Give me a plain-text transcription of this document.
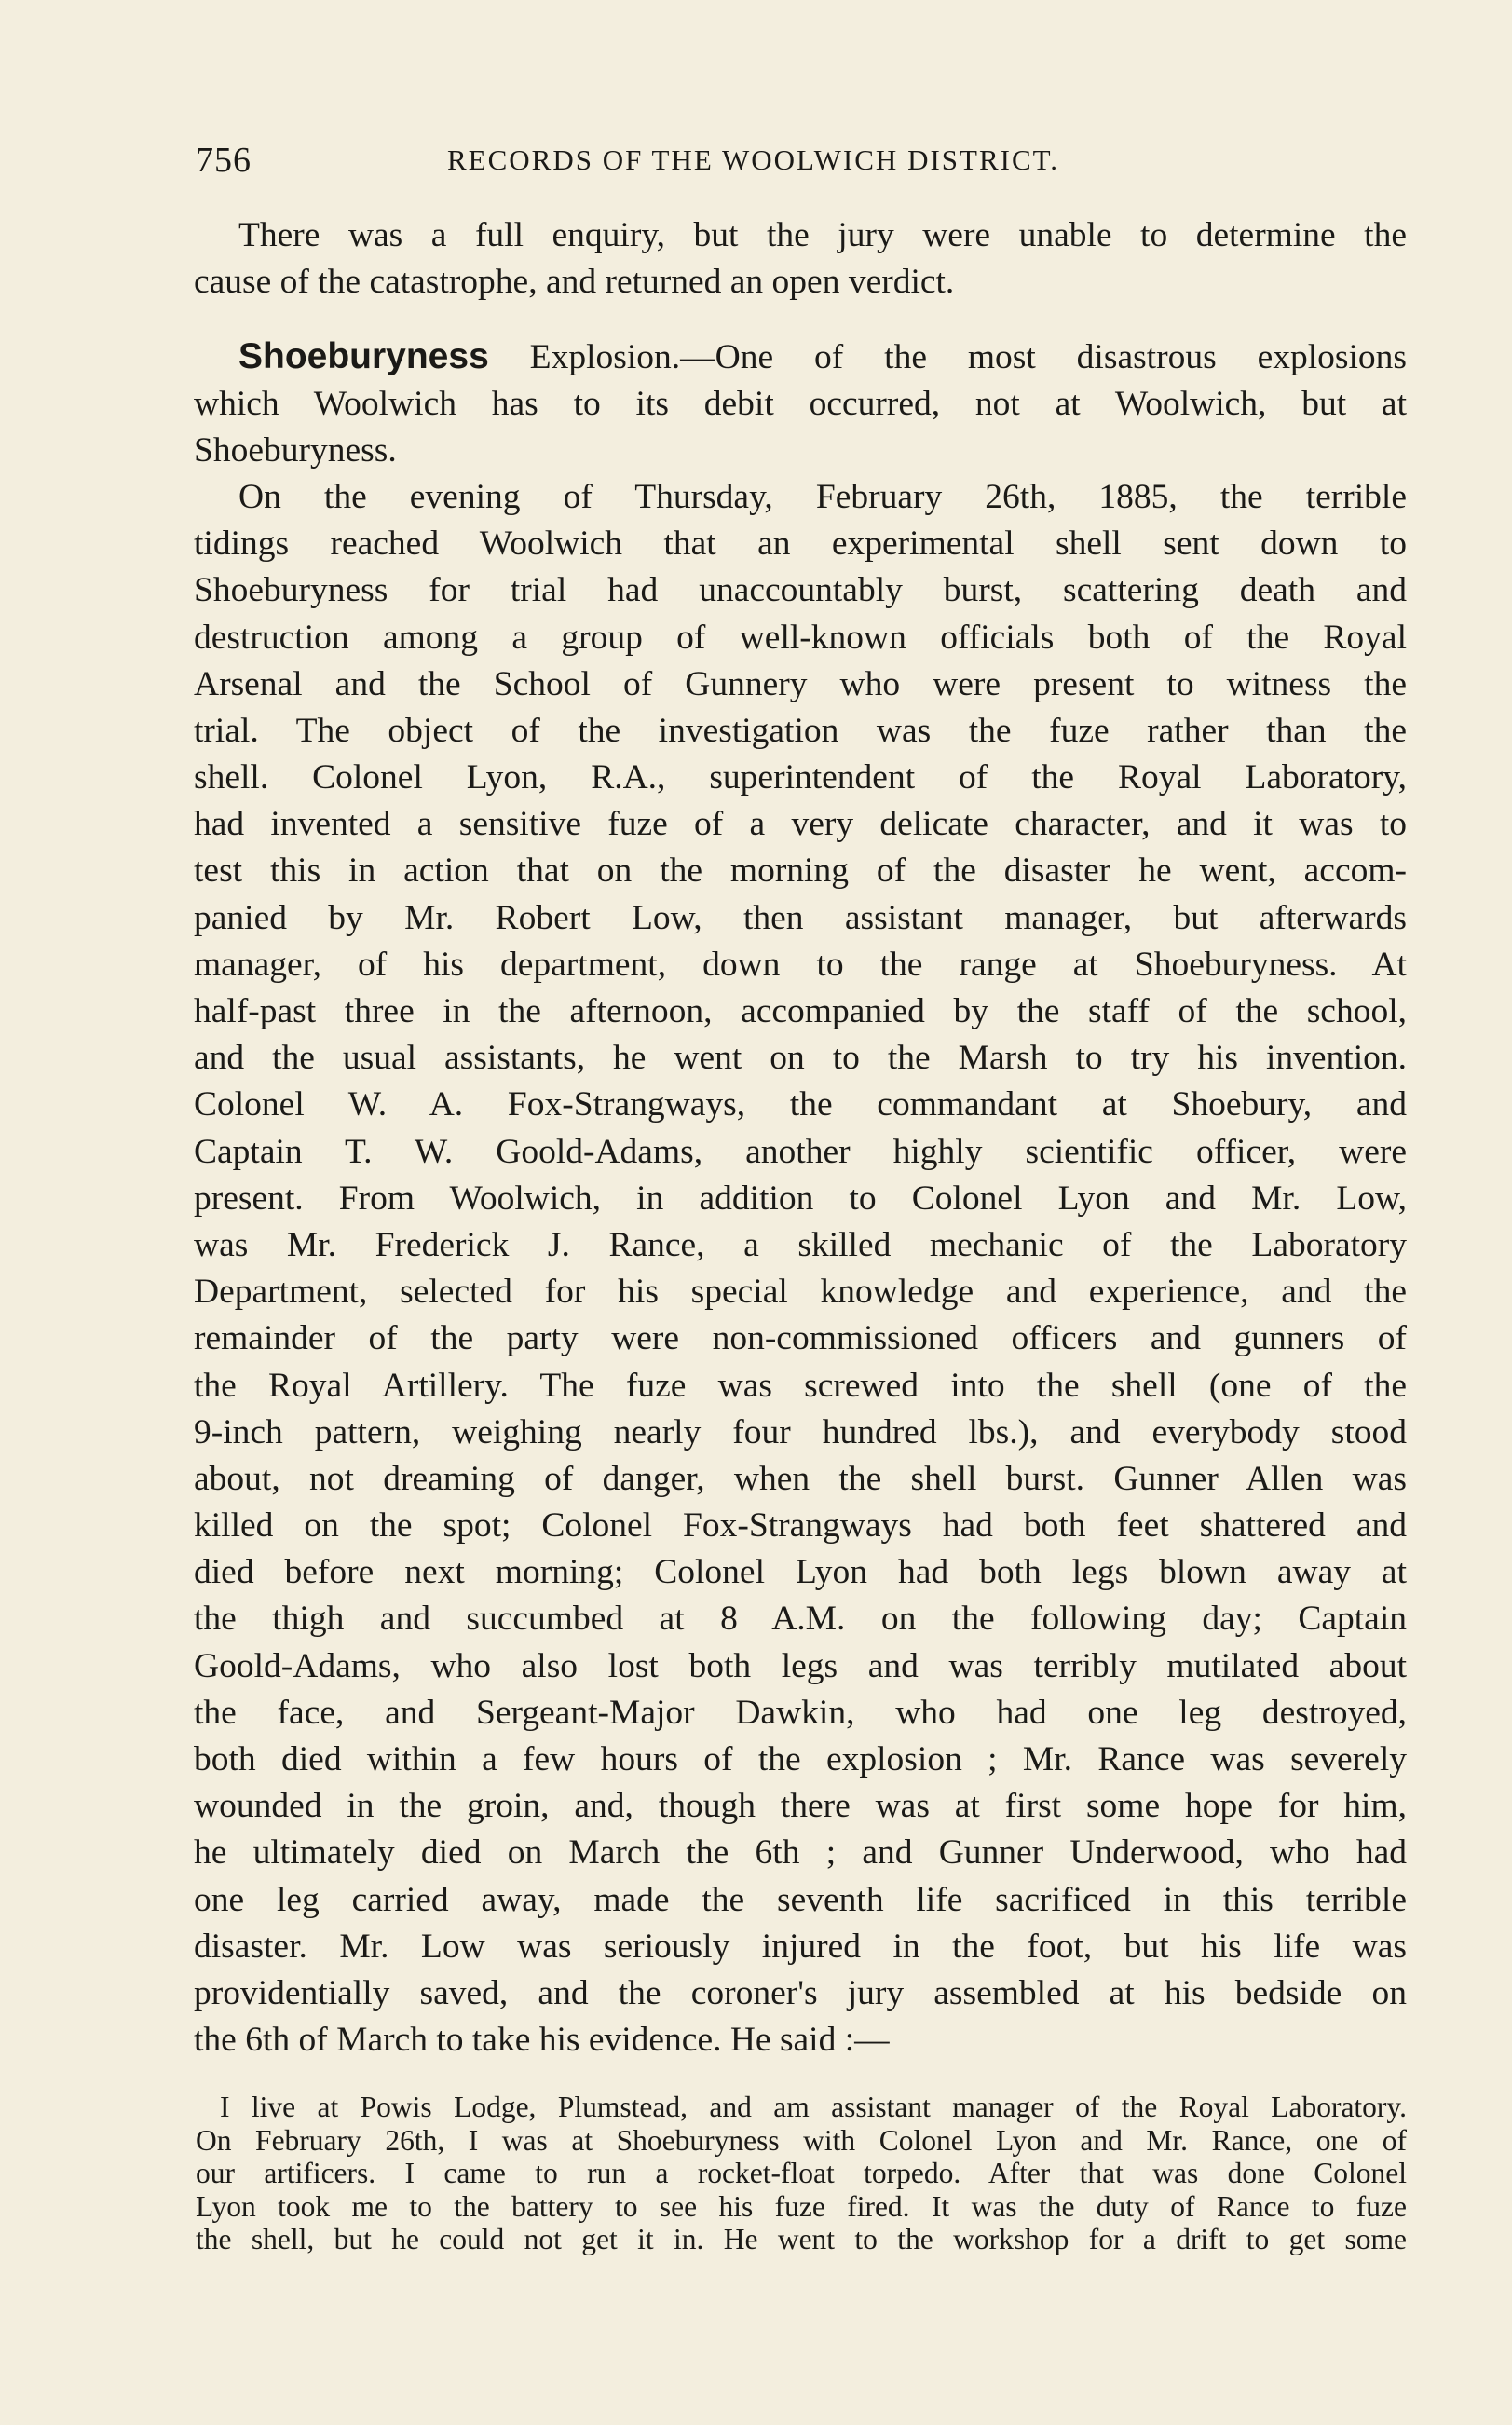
756	RECORDS OF THE WOOLWICH DISTRICT.
There was a full enquiry, but the jury were unable to determine the
cause of the catastrophe, and returned an open verdict.
Shoeburyness Explosion.—One of the most disastrous explosions
which Woolwich has to its debit occurred, not at Woolwich, but at
Shoeburyness.
On the evening of Thursday, February 26th, 1885, the terrible
tidings reached Woolwich that an experimental shell sent down to
Shoeburyness for trial had unaccountably burst, scattering death and
destruction among a group of well-known officials both of the Royal
Arsenal and the School of Gunnery who were present to witness the
trial. The object of the investigation was the fuze rather than the
shell. Colonel Lyon, R.A., superintendent of the Royal Laboratory,
had invented a sensitive fuze of a very delicate character, and it was to
test this in action that on the morning of the disaster he went, accom-
panied by Mr. Robert Low, then assistant manager, but afterwards
manager, of his department, down to the range at Shoeburyness. At
half-past three in the afternoon, accompanied by the staff of the school,
and the usual assistants, he went on to the Marsh to try his invention.
Colonel W. A. Fox-Strangways, the commandant at Shoebury, and
Captain T. W. Goold-Adams, another highly scientific officer, were
present. From Woolwich, in addition to Colonel Lyon and Mr. Low,
was Mr. Frederick J. Rance, a skilled mechanic of the Laboratory
Department, selected for his special knowledge and experience, and the
remainder of the party were non-commissioned officers and gunners of
the Royal Artillery. The fuze was screwed into the shell (one of the
9-inch pattern, weighing nearly four hundred lbs.), and everybody stood
about, not dreaming of danger, when the shell burst. Gunner Allen was
killed on the spot; Colonel Fox-Strangways had both feet shattered and
died before next morning; Colonel Lyon had both legs blown away at
the thigh and succumbed at 8 A.M. on the following day; Captain
Goold-Adams, who also lost both legs and was terribly mutilated about
the face, and Sergeant-Major Dawkin, who had one leg destroyed,
both died within a few hours of the explosion ; Mr. Rance was severely
wounded in the groin, and, though there was at first some hope for him,
he ultimately died on March the 6th ; and Gunner Underwood, who had
one leg carried away, made the seventh life sacrificed in this terrible
disaster. Mr. Low was seriously injured in the foot, but his life was
providentially saved, and the coroner's jury assembled at his bedside on
the 6th of March to take his evidence. He said :—
I live at Powis Lodge, Plumstead, and am assistant manager of the Royal Laboratory.
On February 26th, I was at Shoeburyness with Colonel Lyon and Mr. Rance, one of
our artificers. I came to run a rocket-float torpedo. After that was done Colonel
Lyon took me to the battery to see his fuze fired. It was the duty of Rance to fuze
the shell, but he could not get it in. He went to the workshop for a drift to get some
